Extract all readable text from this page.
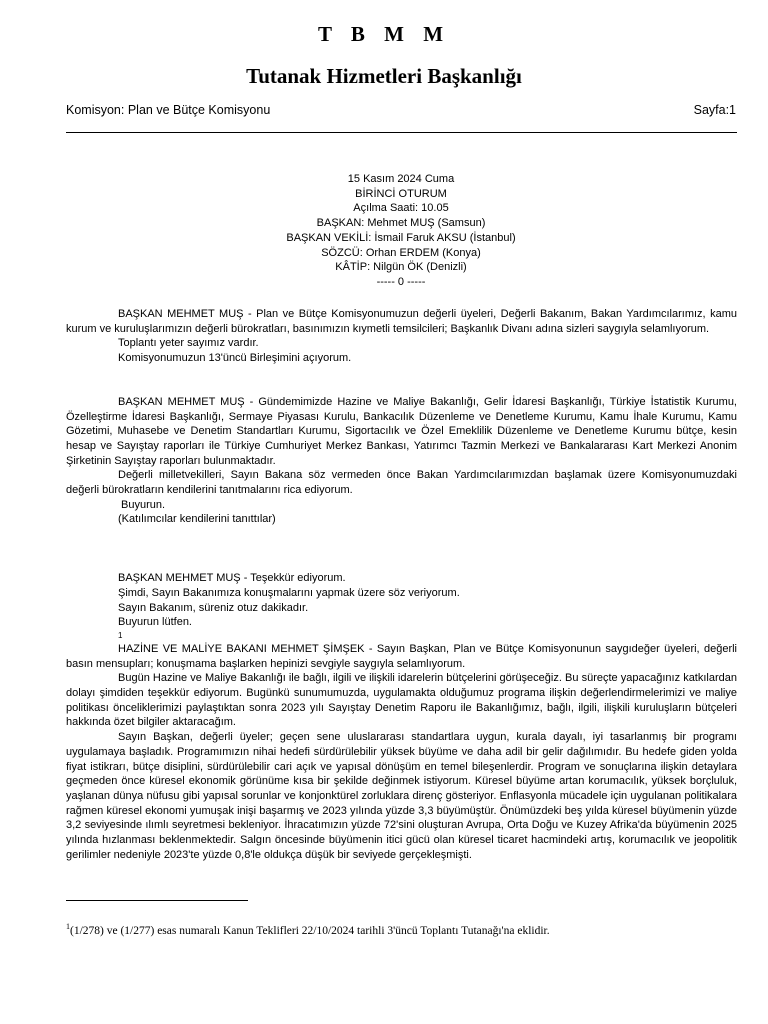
T B M M
Tutanak Hizmetleri Başkanlığı
Komisyon: Plan ve Bütçe Komisyonu	Sayfa:1
15 Kasım 2024 Cuma
BİRİNCİ OTURUM
Açılma Saati: 10.05
BAŞKAN: Mehmet MUŞ (Samsun)
BAŞKAN VEKİLİ: İsmail Faruk AKSU (İstanbul)
SÖZCÜ: Orhan ERDEM (Konya)
KÂTİP: Nilgün ÖK (Denizli)
----- 0 -----

BAŞKAN MEHMET MUŞ - Plan ve Bütçe Komisyonumuzun değerli üyeleri, Değerli Bakanım, Bakan Yardımcılarımız, kamu kurum ve kuruluşlarımızın değerli bürokratları, basınımızın kıymetli temsilcileri; Başkanlık Divanı adına sizleri saygıyla selamlıyorum.

Toplantı yeter sayımız vardır.

Komisyonumuzun 13'üncü Birleşimini açıyorum.

BAŞKAN MEHMET MUŞ - Gündemimizde Hazine ve Maliye Bakanlığı, Gelir İdaresi Başkanlığı, Türkiye İstatistik Kurumu, Özelleştirme İdaresi Başkanlığı, Sermaye Piyasası Kurulu, Bankacılık Düzenleme ve Denetleme Kurumu, Kamu İhale Kurumu, Kamu Gözetimi, Muhasebe ve Denetim Standartları Kurumu, Sigortacılık ve Özel Emeklilik Düzenleme ve Denetleme Kurumu bütçe, kesin hesap ve Sayıştay raporları ile Türkiye Cumhuriyet Merkez Bankası, Yatırımcı Tazmin Merkezi ve Bankalararası Kart Merkezi Anonim Şirketinin Sayıştay raporları bulunmaktadır.

Değerli milletvekilleri, Sayın Bakana söz vermeden önce Bakan Yardımcılarımızdan başlamak üzere Komisyonumuzdaki değerli bürokratların kendilerini tanıtmalarını rica ediyorum.

Buyurun.

(Katılımcılar kendilerini tanıttılar)

BAŞKAN MEHMET MUŞ - Teşekkür ediyorum.

Şimdi, Sayın Bakanımıza konuşmalarını yapmak üzere söz veriyorum.

Sayın Bakanım, süreniz otuz dakikadır.

Buyurun lütfen.

1

HAZİNE VE MALİYE BAKANI MEHMET ŞİMŞEK - Sayın Başkan, Plan ve Bütçe Komisyonunun saygıdeğer üyeleri, değerli basın mensupları; konuşmama başlarken hepinizi sevgiyle saygıyla selamlıyorum.

Bugün Hazine ve Maliye Bakanlığı ile bağlı, ilgili ve ilişkili idarelerin bütçelerini görüşeceğiz. Bu süreçte yapacağınız katkılardan dolayı şimdiden teşekkür ediyorum. Bugünkü sunumumuzda, uygulamakta olduğumuz programa ilişkin değerlendirmelerimizi ve maliye politikası önceliklerimizi paylaştıktan sonra 2023 yılı Sayıştay Denetim Raporu ile Bakanlığımız, bağlı, ilgili, ilişkili kuruluşların bütçeleri hakkında özet bilgiler aktaracağım.

Sayın Başkan, değerli üyeler; geçen sene uluslararası standartlara uygun, kurala dayalı, iyi tasarlanmış bir programı uygulamaya başladık. Programımızın nihai hedefi sürdürülebilir yüksek büyüme ve daha adil bir gelir dağılımıdır. Bu hedefe giden yolda fiyat istikrarı, bütçe disiplini, sürdürülebilir cari açık ve yapısal dönüşüm en temel bileşenlerdir. Program ve sonuçlarına ilişkin detaylara geçmeden önce küresel ekonomik görünüme kısa bir şekilde değinmek istiyorum. Küresel büyüme artan korumacılık, yüksek borçluluk, yaşlanan dünya nüfusu gibi yapısal sorunlar ve konjonktürel zorluklara direnç gösteriyor. Enflasyonla mücadele için uygulanan politikalara rağmen küresel ekonomi yumuşak inişi başarmış ve 2023 yılında yüzde 3,3 büyümüştür. Önümüzdeki beş yılda küresel büyümenin yüzde 3,2 seviyesinde ılımlı seyretmesi bekleniyor. İhracatımızın yüzde 72'sini oluşturan Avrupa, Orta Doğu ve Kuzey Afrika'da büyümenin 2025 yılında hızlanması beklenmektedir. Salgın öncesinde büyümenin itici gücü olan küresel ticaret hacmindeki artış, korumacılık ve jeopolitik gerilimler nedeniyle 2023'te yüzde 0,8'le oldukça düşük bir seviyede gerçekleşmişti.

$^1$(1/278) ve (1/277) esas numaralı Kanun Teklifleri 22/10/2024 tarihli 3'üncü Toplantı Tutanağı'na eklidir.
